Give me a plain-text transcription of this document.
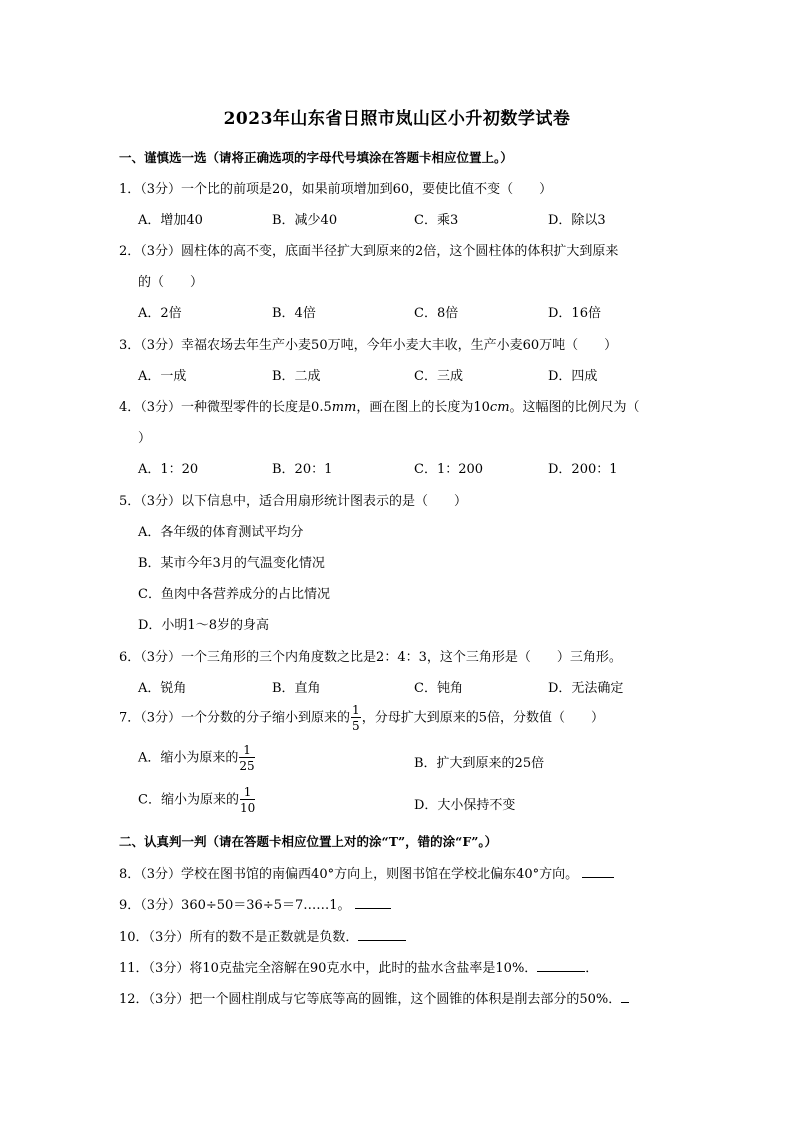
2023年山东省日照市岚山区小升初数学试卷
一、谨慎选一选（请将正确选项的字母代号填涂在答题卡相应位置上。）
1．（3分）一个比的前项是20，如果前项增加到60，要使比值不变（　　）
A．增加40	B．减少40	C．乘3	D．除以3
2．（3分）圆柱体的高不变，底面半径扩大到原来的2倍，这个圆柱体的体积扩大到原来
的（　　）
A．2倍	B．4倍	C．8倍	D．16倍
3．（3分）幸福农场去年生产小麦50万吨，今年小麦大丰收，生产小麦60万吨（　　）
A．一成	B．二成	C．三成	D．四成
4．（3分）一种微型零件的长度是0.5mm，画在图上的长度为10cm。这幅图的比例尺为（
）
A．1：20	B．20：1	C．1：200	D．200：1
5．（3分）以下信息中，适合用扇形统计图表示的是（　　）
A．各年级的体育测试平均分
B．某市今年3月的气温变化情况
C．鱼肉中各营养成分的占比情况
D．小明1～8岁的身高
6．（3分）一个三角形的三个内角度数之比是2：4：3，这个三角形是（　　）三角形。
A．锐角	B．直角	C．钝角	D．无法确定
7．（3分）一个分数的分子缩小到原来的 $\frac{1}{5}$ ，分母扩大到原来的5倍，分数值（　　）
A．缩小为原来的 $\frac{1}{25}$	B．扩大到原来的25倍
C．缩小为原来的 $\frac{1}{10}$	D．大小保持不变
二、认真判一判（请在答题卡相应位置上对的涂“T”，错的涂“F”。）
8．（3分）学校在图书馆的南偏西40°方向上，则图书馆在学校北偏东40°方向。
9．（3分）360÷50＝36÷5＝7……1。
10．（3分）所有的数不是正数就是负数．
11．（3分）将10克盐完全溶解在90克水中，此时的盐水含盐率是10%．	．
12．（3分）把一个圆柱削成与它等底等高的圆锥，这个圆锥的体积是削去部分的50%．
